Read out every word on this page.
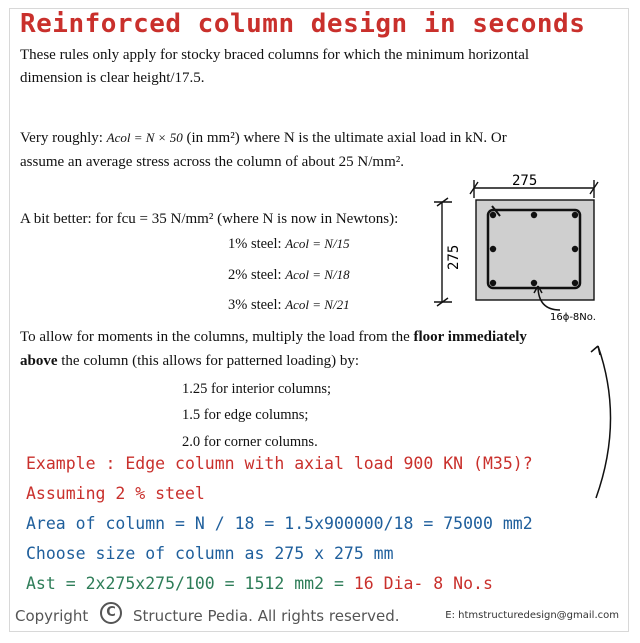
Reinforced column design in seconds
These rules only apply for stocky braced columns for which the minimum horizontal dimension is clear height/17.5.
Very roughly: Acol = N × 50 (in mm²) where N is the ultimate axial load in kN. Or
assume an average stress across the column of about 25 N/mm².
A bit better: for fcu = 35 N/mm² (where N is now in Newtons):
1% steel: Acol = N/15
2% steel: Acol = N/18
3% steel: Acol = N/21
To allow for moments in the columns, multiply the load from the floor immediately
above the column (this allows for patterned loading) by:
1.25 for interior columns;
1.5 for edge columns;
2.0 for corner columns.
275
275
16ϕ-8No.
Example : Edge column with axial load 900 KN (M35)?
Assuming 2 % steel
Area of column = N / 18 = 1.5x900000/18 = 75000 mm2
Choose size of column as 275 x 275 mm
Ast = 2x275x275/100 = 1512 mm2 = 16 Dia- 8 No.s
Copyright	C	Structure Pedia. All rights reserved.	E: htmstructuredesign@gmail.com
